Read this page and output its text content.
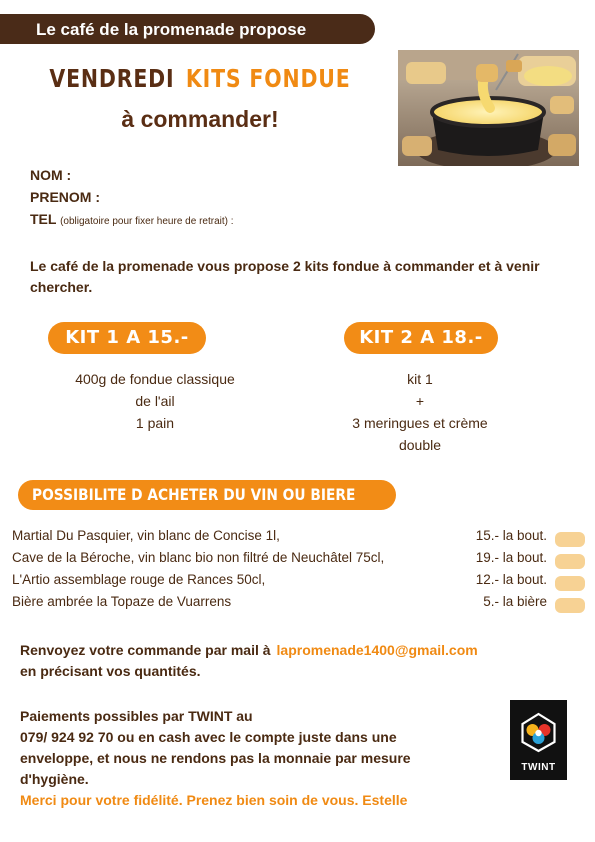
Le café de la promenade propose
VENDREDI KITS FONDUE
à commander!
NOM :
PRENOM :
TEL (obligatoire pour fixer heure de retrait) :
Le café de la promenade vous propose 2 kits fondue à commander et à venir chercher.
KIT 1 A 15.-	KIT 2 A 18.-
400g de fondue classique
de l'ail
1 pain
kit 1
+
3 meringues et crème
double
POSSIBILITE D ACHETER DU VIN OU BIERE
Martial Du Pasquier, vin blanc de Concise 1l,	15.- la bout.
Cave de la Béroche, vin blanc bio non filtré de Neuchâtel 75cl,	19.- la bout.
L'Artio assemblage rouge de Rances 50cl,	12.- la bout.
Bière ambrée la Topaze de Vuarrens	5.- la bière
Renvoyez votre commande par mail à lapromenade1400@gmail.com
en précisant vos quantités.
Paiements possibles par TWINT au
079/ 924 92 70 ou en cash avec le compte juste dans une
enveloppe, et nous ne rendons pas la monnaie par mesure
d'hygiène.
TWINT
Merci pour votre fidélité. Prenez bien soin de vous. Estelle
